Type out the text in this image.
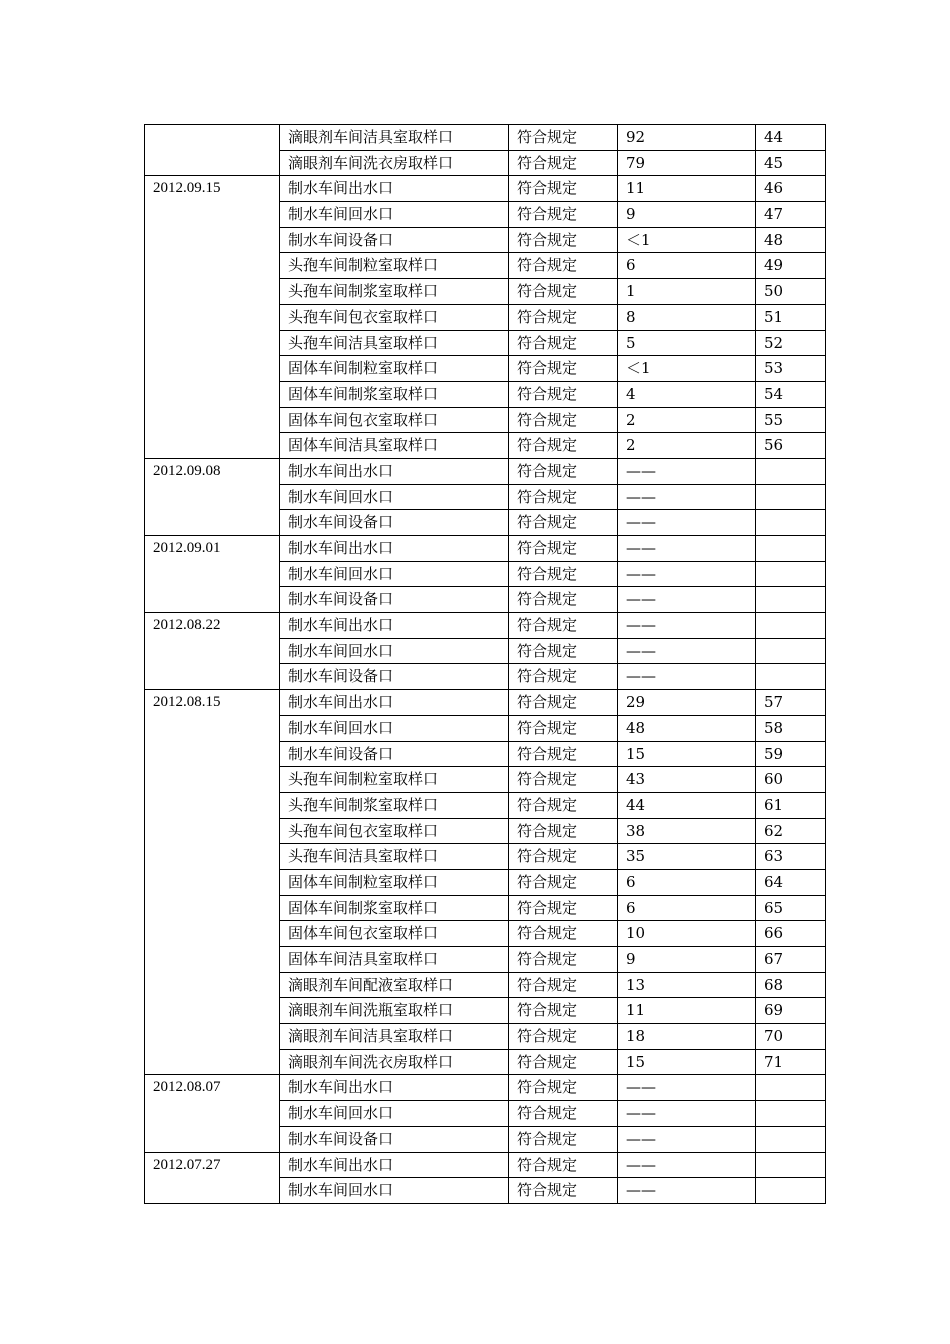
	滴眼剂车间洁具室取样口	符合规定	92	44
	滴眼剂车间洗衣房取样口	符合规定	79	45
2012.09.15	制水车间出水口	符合规定	11	46
	制水车间回水口	符合规定	9	47
	制水车间设备口	符合规定	＜1	48
	头孢车间制粒室取样口	符合规定	6	49
	头孢车间制浆室取样口	符合规定	1	50
	头孢车间包衣室取样口	符合规定	8	51
	头孢车间洁具室取样口	符合规定	5	52
	固体车间制粒室取样口	符合规定	＜1	53
	固体车间制浆室取样口	符合规定	4	54
	固体车间包衣室取样口	符合规定	2	55
	固体车间洁具室取样口	符合规定	2	56
2012.09.08	制水车间出水口	符合规定	——	
	制水车间回水口	符合规定	——	
	制水车间设备口	符合规定	——	
2012.09.01	制水车间出水口	符合规定	——	
	制水车间回水口	符合规定	——	
	制水车间设备口	符合规定	——	
2012.08.22	制水车间出水口	符合规定	——	
	制水车间回水口	符合规定	——	
	制水车间设备口	符合规定	——	
2012.08.15	制水车间出水口	符合规定	29	57
	制水车间回水口	符合规定	48	58
	制水车间设备口	符合规定	15	59
	头孢车间制粒室取样口	符合规定	43	60
	头孢车间制浆室取样口	符合规定	44	61
	头孢车间包衣室取样口	符合规定	38	62
	头孢车间洁具室取样口	符合规定	35	63
	固体车间制粒室取样口	符合规定	6	64
	固体车间制浆室取样口	符合规定	6	65
	固体车间包衣室取样口	符合规定	10	66
	固体车间洁具室取样口	符合规定	9	67
	滴眼剂车间配液室取样口	符合规定	13	68
	滴眼剂车间洗瓶室取样口	符合规定	11	69
	滴眼剂车间洁具室取样口	符合规定	18	70
	滴眼剂车间洗衣房取样口	符合规定	15	71
2012.08.07	制水车间出水口	符合规定	——	
	制水车间回水口	符合规定	——	
	制水车间设备口	符合规定	——	
2012.07.27	制水车间出水口	符合规定	——	
	制水车间回水口	符合规定	——	
